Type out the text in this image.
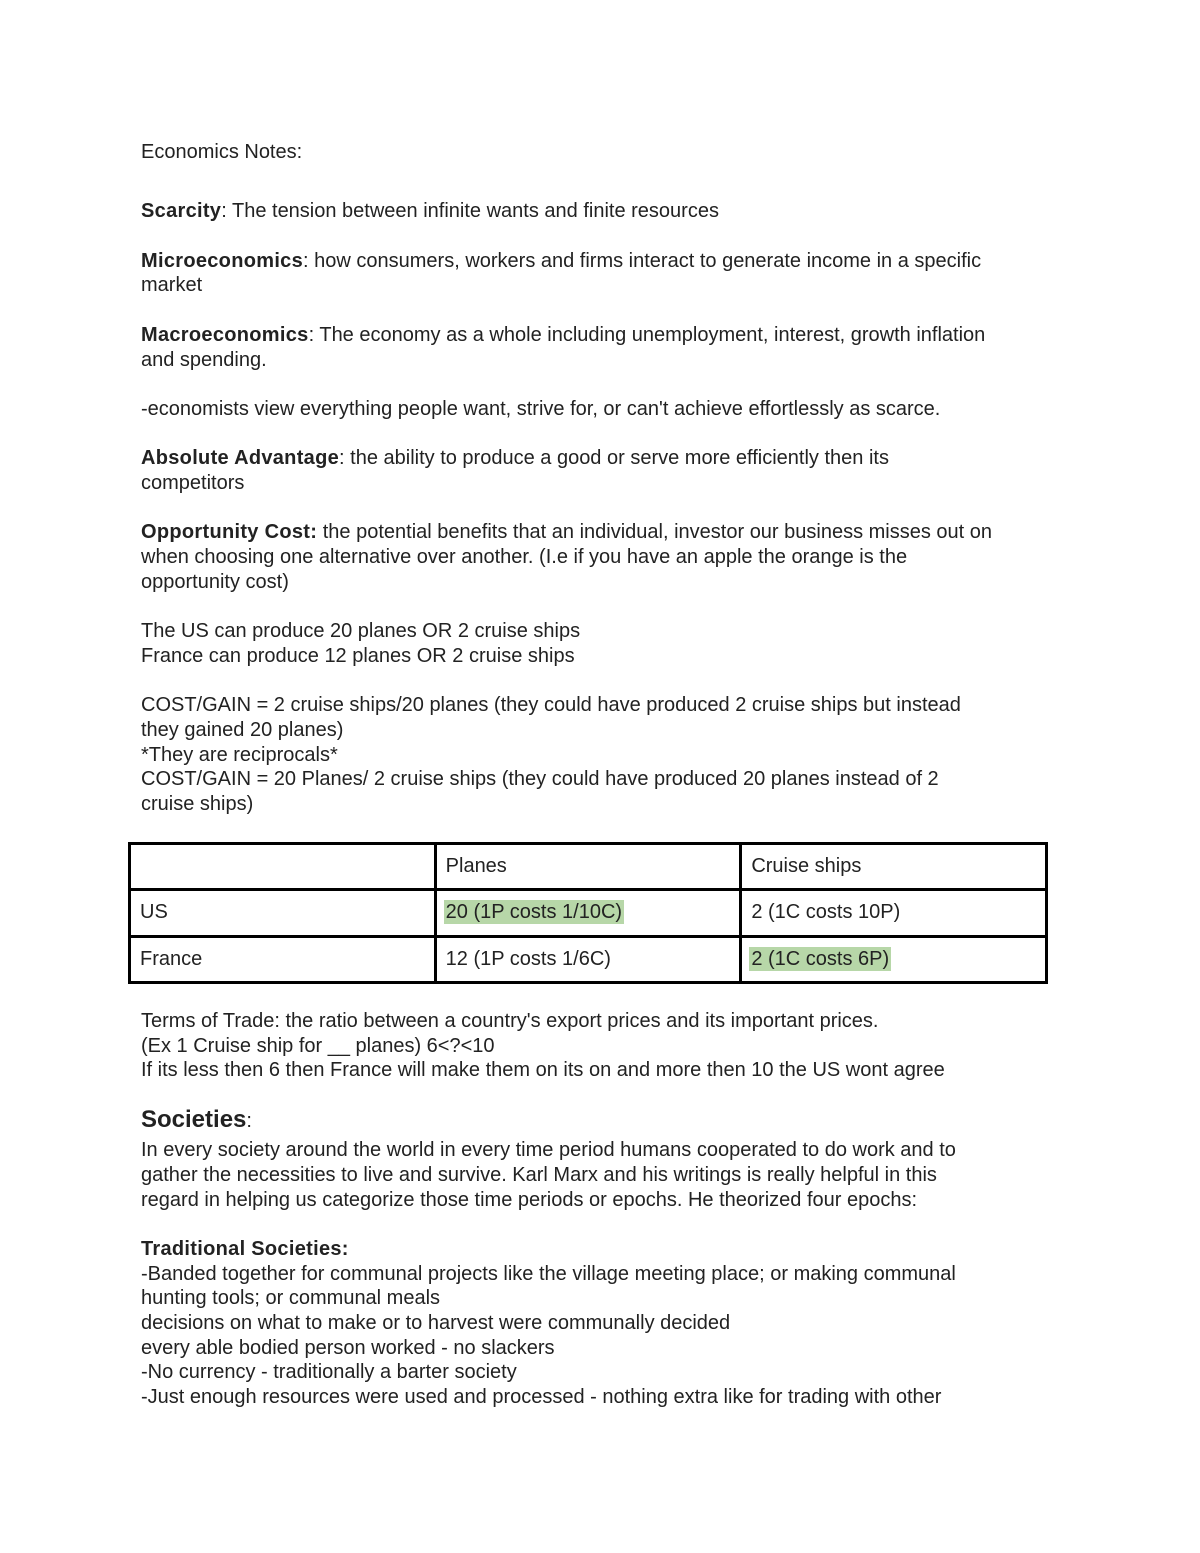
Economics Notes:

Scarcity: The tension between infinite wants and finite resources

Microeconomics: how consumers, workers and firms interact to generate income in a specific

market

Macroeconomics: The economy as a whole including unemployment, interest, growth inflation

and spending.

-economists view everything people want, strive for, or can't achieve effortlessly as scarce.

Absolute Advantage: the ability to produce a good or serve more efficiently then its

competitors

Opportunity Cost: the potential benefits that an individual, investor our business misses out on

when choosing one alternative over another. (I.e if you have an apple the orange is the

opportunity cost)

The US can produce 20 planes OR 2 cruise ships

France can produce 12 planes OR 2 cruise ships

COST/GAIN = 2 cruise ships/20 planes (they could have produced 2 cruise ships but instead

they gained 20 planes)

*They are reciprocals*

COST/GAIN = 20 Planes/ 2 cruise ships (they could have produced 20 planes instead of 2

cruise ships)

	Planes	Cruise ships
US	20 (1P costs 1/10C)	2 (1C costs 10P)
France	12 (1P costs 1/6C)	2 (1C costs 6P)

Terms of Trade: the ratio between a country's export prices and its important prices.

(Ex 1 Cruise ship for __ planes) 6<?<10

If its less then 6 then France will make them on its on and more then 10 the US wont agree

Societies:

In every society around the world in every time period humans cooperated to do work and to

gather the necessities to live and survive. Karl Marx and his writings is really helpful in this

regard in helping us categorize those time periods or epochs. He theorized four epochs:

Traditional Societies:

-Banded together for communal projects like the village meeting place; or making communal

hunting tools; or communal meals

decisions on what to make or to harvest were communally decided

every able bodied person worked - no slackers

-No currency - traditionally a barter society

-Just enough resources were used and processed - nothing extra like for trading with other
